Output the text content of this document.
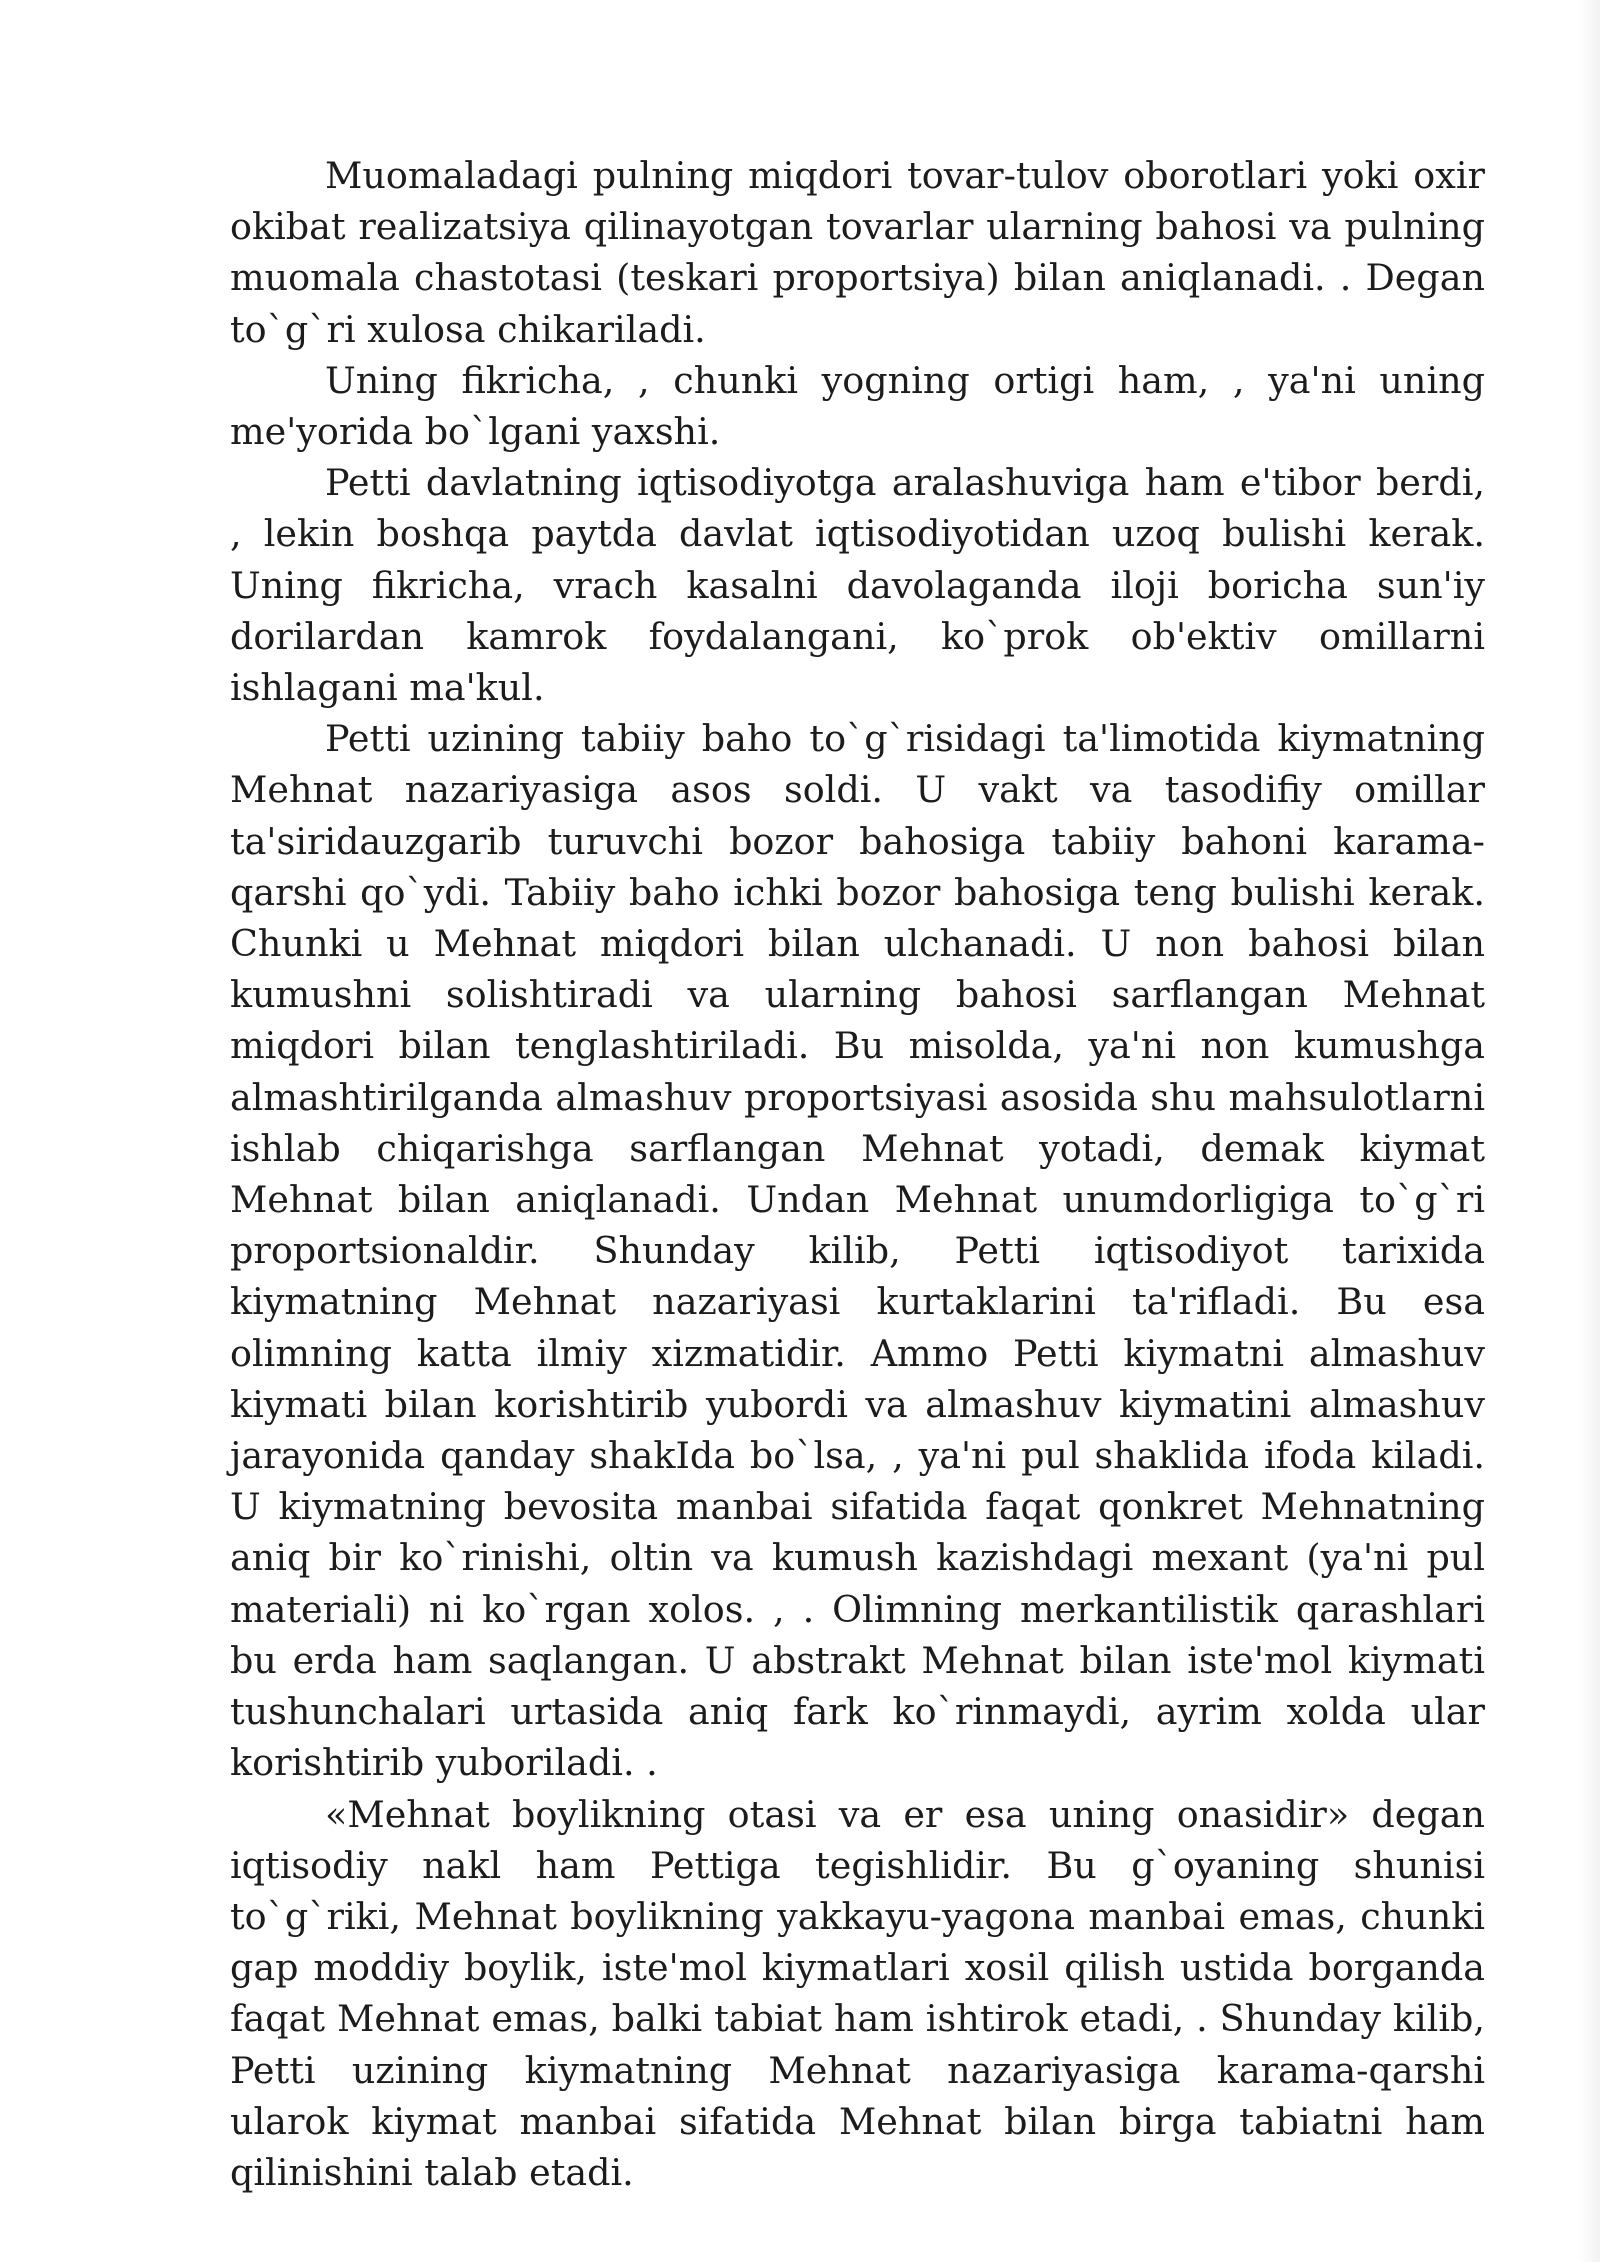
Muomaladagi pulning miqdori tovar-tulov oborotlari yoki oxir okibat realizatsiya qilinayotgan tovarlar ularning bahosi va pulning muomala chastotasi (teskari proportsiya) bilan aniqlanadi. . Degan to`g`ri xulosa chikariladi.

Uning fikricha, , chunki yogning ortigi ham, , ya'ni uning me'yorida bo`lgani yaxshi.

Petti davlatning iqtisodiyotga aralashuviga ham e'tibor berdi, , lekin boshqa paytda davlat iqtisodiyotidan uzoq bulishi kerak. Uning fikricha, vrach kasalni davolaganda iloji boricha sun'iy dorilardan kamrok foydalangani, ko`prok ob'ektiv omillarni ishlagani ma'kul.

Petti uzining tabiiy baho to`g`risidagi ta'limotida kiymatning Mehnat nazariyasiga asos soldi. U vakt va tasodifiy omillar ta'siridauzgarib turuvchi bozor bahosiga tabiiy bahoni karama-qarshi qo`ydi. Tabiiy baho ichki bozor bahosiga teng bulishi kerak. Chunki u Mehnat miqdori bilan ulchanadi. U non bahosi bilan kumushni solishtiradi va ularning bahosi sarflangan Mehnat miqdori bilan tenglashtiriladi. Bu misolda, ya'ni non kumushga almashtirilganda almashuv proportsiyasi asosida shu mahsulotlarni ishlab chiqarishga sarflangan Mehnat yotadi, demak kiymat Mehnat bilan aniqlanadi. Undan Mehnat unumdorligiga to`g`ri proportsionaldir. Shunday kilib, Petti iqtisodiyot tarixida kiymatning Mehnat nazariyasi kurtaklarini ta'rifladi. Bu esa olimning katta ilmiy xizmatidir. Ammo Petti kiymatni almashuv kiymati bilan korishtirib yubordi va almashuv kiymatini almashuv jarayonida qanday shakIda bo`lsa, , ya'ni pul shaklida ifoda kiladi. U kiymatning bevosita manbai sifatida faqat qonkret Mehnatning aniq bir ko`rinishi, oltin va kumush kazishdagi mexant (ya'ni pul materiali) ni ko`rgan xolos. , . Olimning merkantilistik qarashlari bu erda ham saqlangan. U abstrakt Mehnat bilan iste'mol kiymati tushunchalari urtasida aniq fark ko`rinmaydi, ayrim xolda ular korishtirib yuboriladi. .

«Mehnat boylikning otasi va er esa uning onasidir» degan iqtisodiy nakl ham Pettiga tegishlidir. Bu g`oyaning shunisi to`g`riki, Mehnat boylikning yakkayu-yagona manbai emas, chunki gap moddiy boylik, iste'mol kiymatlari xosil qilish ustida borganda faqat Mehnat emas, balki tabiat ham ishtirok etadi, . Shunday kilib, Petti uzining kiymatning Mehnat nazariyasiga karama-qarshi ularok kiymat manbai sifatida Mehnat bilan birga tabiatni ham qilinishini talab etadi.
